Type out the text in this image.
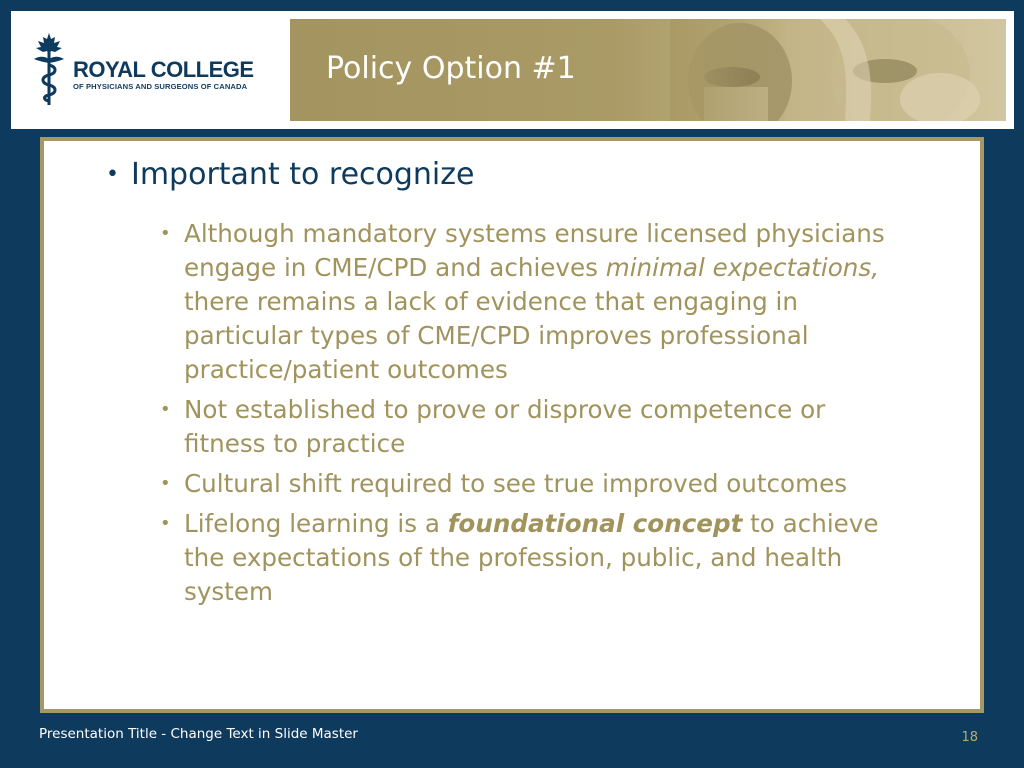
ROYAL COLLEGE
OF PHYSICIANS AND SURGEONS OF CANADA
Policy Option #1
• Important to recognize
• Although mandatory systems ensure licensed physicians engage in CME/CPD and achieves minimal expectations, there remains a lack of evidence that engaging in particular types of CME/CPD improves professional practice/patient outcomes
• Not established to prove or disprove competence or fitness to practice
• Cultural shift required to see true improved outcomes
• Lifelong learning is a foundational concept to achieve the expectations of the profession, public, and health system
Presentation Title - Change Text in Slide Master	18
